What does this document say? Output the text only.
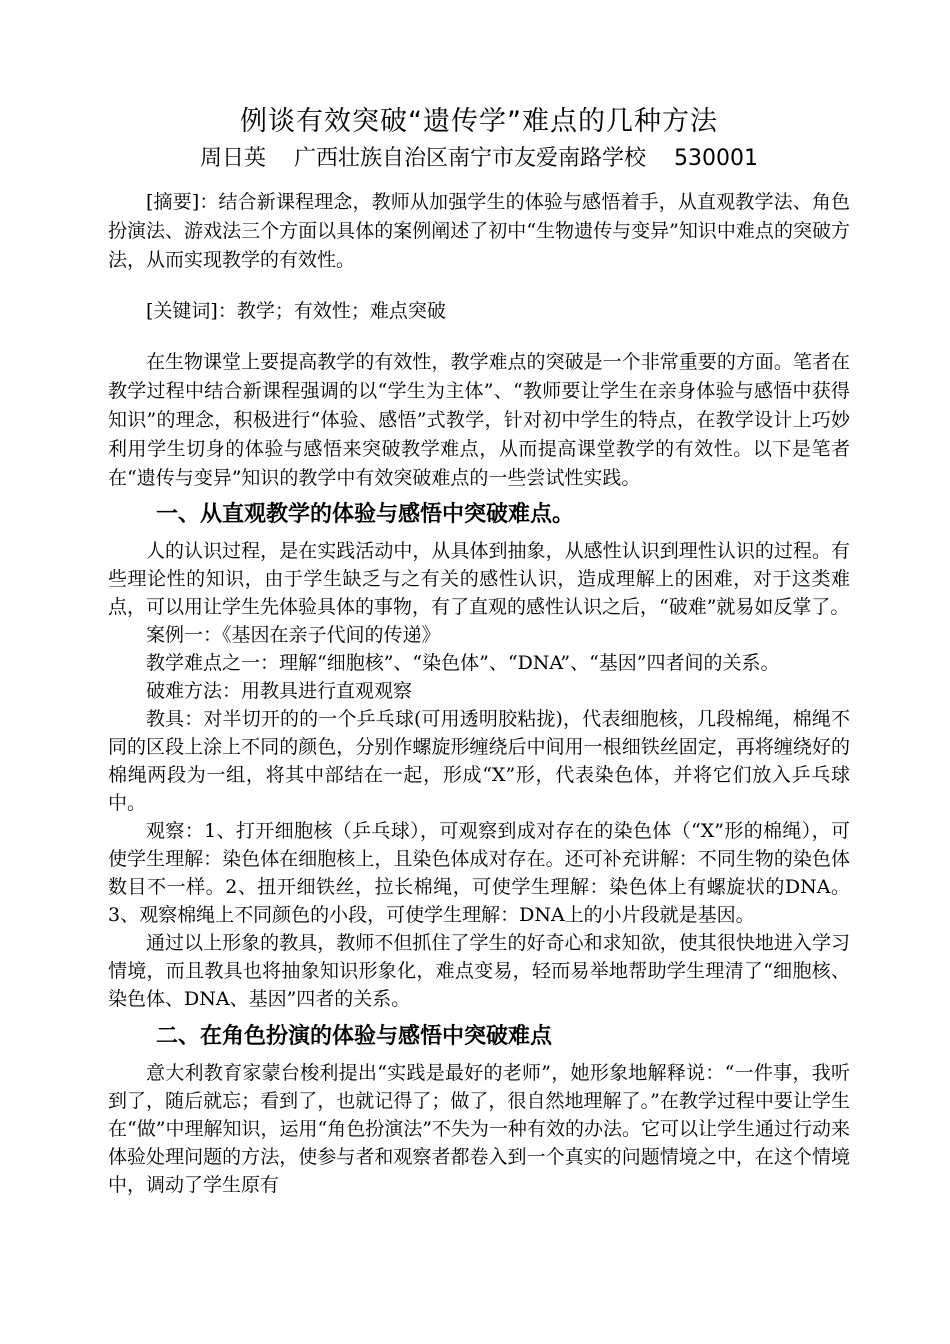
例谈有效突破“遗传学”难点的几种方法
周日英    广西壮族自治区南宁市友爱南路学校    530001

[摘要]：结合新课程理念，教师从加强学生的体验与感悟着手，从直观教学法、角色扮演法、游戏法三个方面以具体的案例阐述了初中“生物遗传与变异”知识中难点的突破方法，从而实现教学的有效性。

[关键词]：教学；有效性；难点突破

在生物课堂上要提高教学的有效性，教学难点的突破是一个非常重要的方面。笔者在教学过程中结合新课程强调的以“学生为主体”、“教师要让学生在亲身体验与感悟中获得知识”的理念，积极进行“体验、感悟”式教学，针对初中学生的特点，在教学设计上巧妙利用学生切身的体验与感悟来突破教学难点，从而提高课堂教学的有效性。以下是笔者在“遗传与变异”知识的教学中有效突破难点的一些尝试性实践。

一、从直观教学的体验与感悟中突破难点。

人的认识过程，是在实践活动中，从具体到抽象，从感性认识到理性认识的过程。有些理论性的知识，由于学生缺乏与之有关的感性认识，造成理解上的困难，对于这类难点，可以用让学生先体验具体的事物，有了直观的感性认识之后，“破难”就易如反掌了。

案例一：《基因在亲子代间的传递》

教学难点之一：理解“细胞核”、“染色体”、“DNA”、“基因”四者间的关系。

破难方法：用教具进行直观观察

教具：对半切开的的一个乒乓球(可用透明胶粘拢)，代表细胞核，几段棉绳，棉绳不同的区段上涂上不同的颜色，分别作螺旋形缠绕后中间用一根细铁丝固定，再将缠绕好的棉绳两段为一组，将其中部结在一起，形成“X”形，代表染色体，并将它们放入乒乓球中。

观察：1、打开细胞核（乒乓球），可观察到成对存在的染色体（“X”形的棉绳），可使学生理解：染色体在细胞核上，且染色体成对存在。还可补充讲解：不同生物的染色体数目不一样。2、扭开细铁丝，拉长棉绳，可使学生理解：染色体上有螺旋状的DNA。3、观察棉绳上不同颜色的小段，可使学生理解：DNA上的小片段就是基因。

通过以上形象的教具，教师不但抓住了学生的好奇心和求知欲，使其很快地进入学习情境，而且教具也将抽象知识形象化，难点变易，轻而易举地帮助学生理清了“细胞核、染色体、DNA、基因”四者的关系。

二、在角色扮演的体验与感悟中突破难点

意大利教育家蒙台梭利提出“实践是最好的老师”，她形象地解释说：“一件事，我听到了，随后就忘；看到了，也就记得了；做了，很自然地理解了。”在教学过程中要让学生在“做”中理解知识，运用“角色扮演法”不失为一种有效的办法。它可以让学生通过行动来体验处理问题的方法，使参与者和观察者都卷入到一个真实的问题情境之中，在这个情境中，调动了学生原有
